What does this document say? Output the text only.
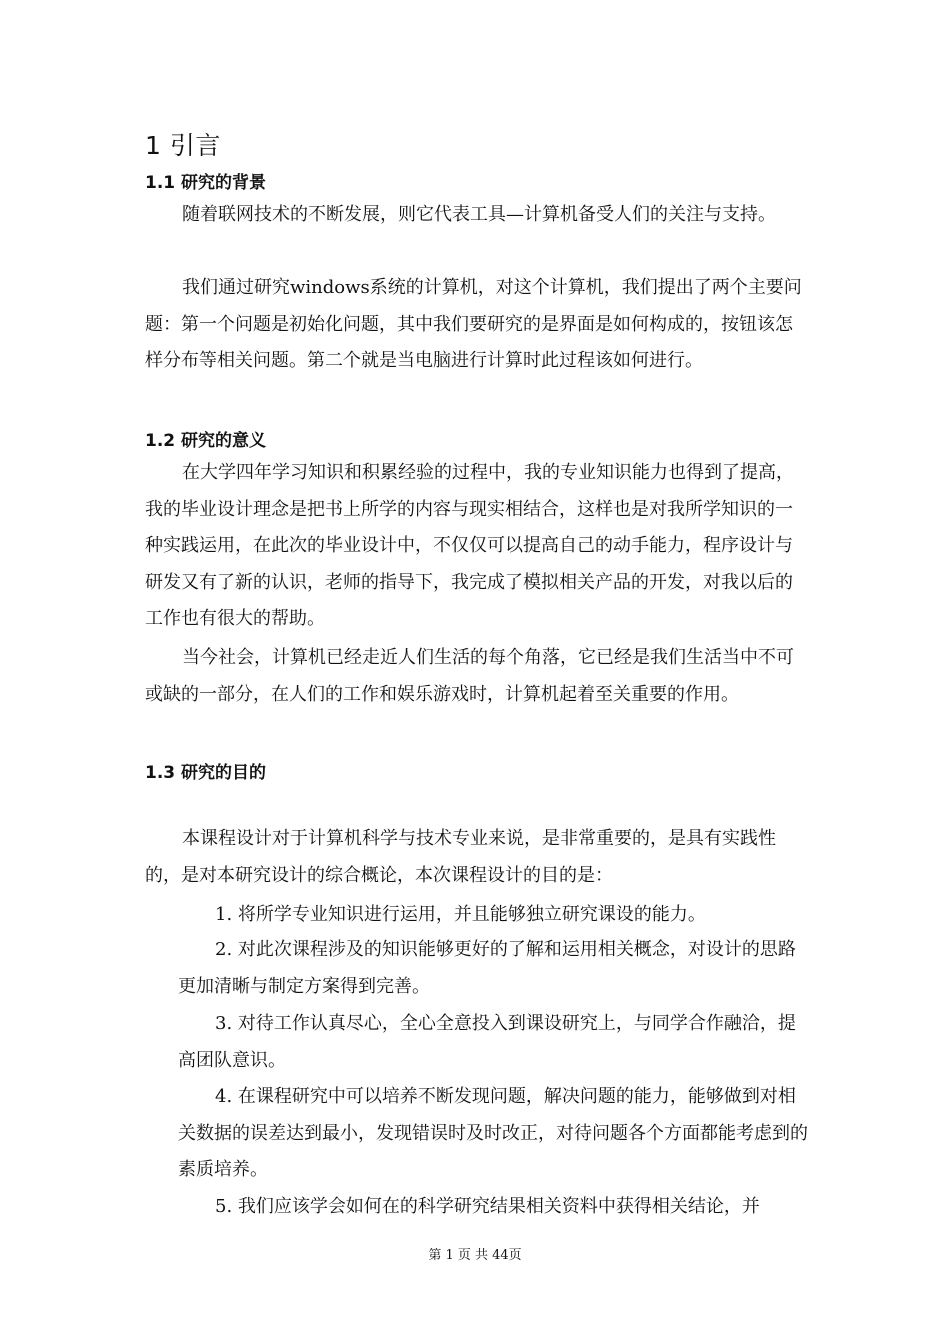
1 引言
1.1 研究的背景

随着联网技术的不断发展，则它代表工具—计算机备受人们的关注与支持。

我们通过研究windows系统的计算机，对这个计算机，我们提出了两个主要问题：第一个问题是初始化问题，其中我们要研究的是界面是如何构成的，按钮该怎样分布等相关问题。第二个就是当电脑进行计算时此过程该如何进行。

1.2 研究的意义

在大学四年学习知识和积累经验的过程中，我的专业知识能力也得到了提高，我的毕业设计理念是把书上所学的内容与现实相结合，这样也是对我所学知识的一种实践运用，在此次的毕业设计中，不仅仅可以提高自己的动手能力，程序设计与研发又有了新的认识，老师的指导下，我完成了模拟相关产品的开发，对我以后的工作也有很大的帮助。

当今社会，计算机已经走近人们生活的每个角落，它已经是我们生活当中不可或缺的一部分，在人们的工作和娱乐游戏时，计算机起着至关重要的作用。

1.3 研究的目的

本课程设计对于计算机科学与技术专业来说，是非常重要的，是具有实践性的，是对本研究设计的综合概论，本次课程设计的目的是：

1. 将所学专业知识进行运用，并且能够独立研究课设的能力。

2. 对此次课程涉及的知识能够更好的了解和运用相关概念，对设计的思路更加清晰与制定方案得到完善。

3. 对待工作认真尽心，全心全意投入到课设研究上，与同学合作融洽，提高团队意识。

4. 在课程研究中可以培养不断发现问题，解决问题的能力，能够做到对相关数据的误差达到最小，发现错误时及时改正，对待问题各个方面都能考虑到的素质培养。

5. 我们应该学会如何在的科学研究结果相关资料中获得相关结论，并

第 1 页 共 44页
